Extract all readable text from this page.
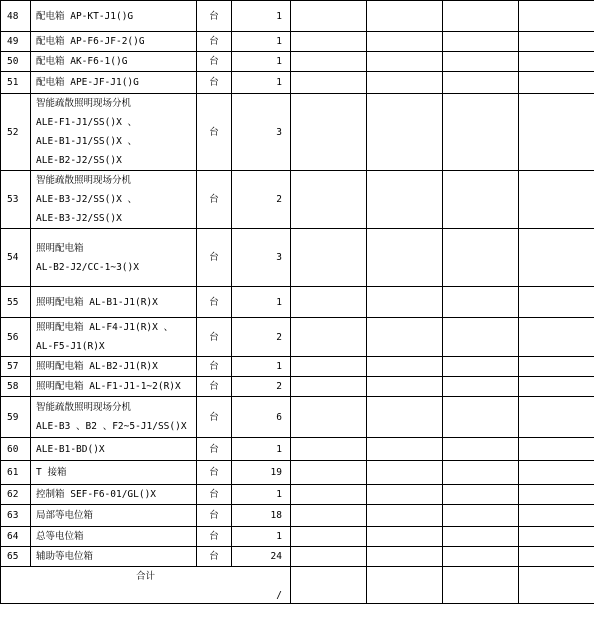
48	配电箱 AP-KT-J1()G	台	1				
49	配电箱 AP-F6-JF-2()G	台	1				
50	配电箱 AK-F6-1()G	台	1				
51	配电箱 APE-JF-J1()G	台	1				
52	智能疏散照明现场分机
ALE-F1-J1/SS()X 、
ALE-B1-J1/SS()X 、
ALE-B2-J2/SS()X	台	3				
53	智能疏散照明现场分机
ALE-B3-J2/SS()X 、
ALE-B3-J2/SS()X	台	2				
54	照明配电箱
AL-B2-J2/CC-1~3()X	台	3				
55	照明配电箱 AL-B1-J1(R)X	台	1				
56	照明配电箱 AL-F4-J1(R)X 、
AL-F5-J1(R)X	台	2				
57	照明配电箱 AL-B2-J1(R)X	台	1				
58	照明配电箱 AL-F1-J1-1~2(R)X	台	2				
59	智能疏散照明现场分机
ALE-B3 、B2 、F2~5-J1/SS()X	台	6				
60	ALE-B1-BD()X	台	1				
61	T 接箱	台	19				
62	控制箱 SEF-F6-01/GL()X	台	1				
63	局部等电位箱	台	18				
64	总等电位箱	台	1				
65	辅助等电位箱	台	24				

合计
/							
